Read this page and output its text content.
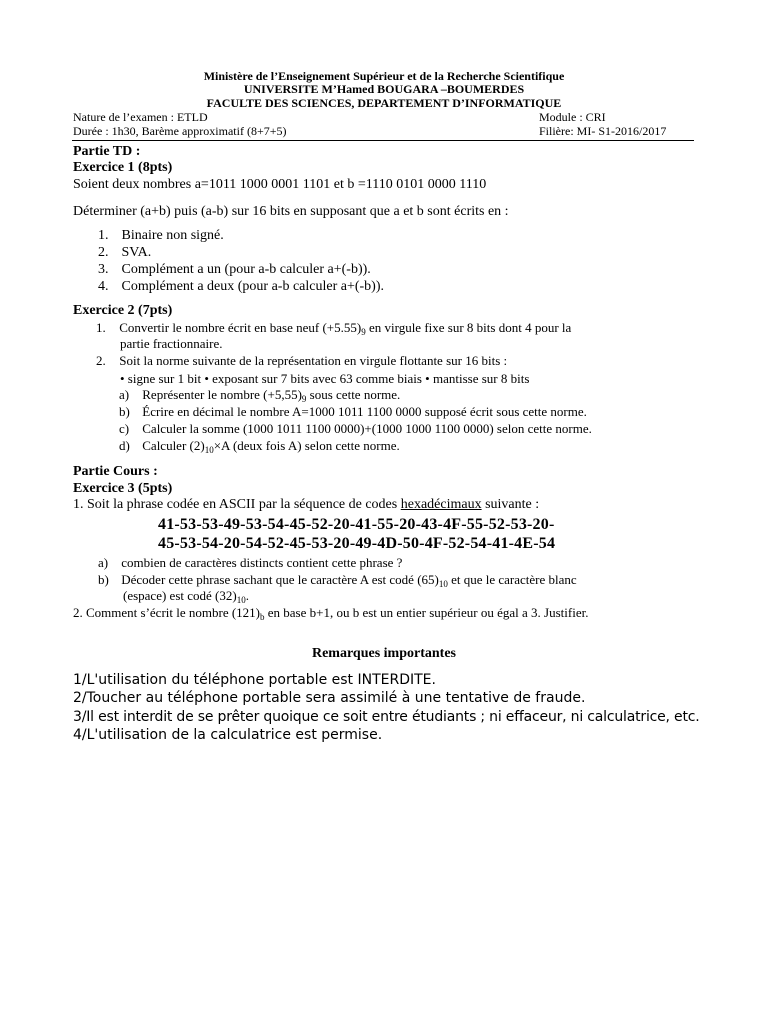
Ministère de l’Enseignement Supérieur et de la Recherche Scientifique
UNIVERSITE M’Hamed BOUGARA –BOUMERDES
FACULTE DES SCIENCES, DEPARTEMENT D’INFORMATIQUE
Nature de l’examen : ETLD	Module : CRI
Durée : 1h30, Barème approximatif (8+7+5)	Filière: MI- S1-2016/2017
Partie TD :
Exercice 1 (8pts)
Soient deux nombres a=1011 1000 0001 1101 et b =1110 0101 0000 1110
Déterminer (a+b) puis (a-b) sur 16 bits en supposant que a et b sont écrits en :
1. Binaire non signé.
2. SVA.
3. Complément a un (pour a-b calculer a+(-b)).
4. Complément a deux (pour a-b calculer a+(-b)).
Exercice 2 (7pts)
1. Convertir le nombre écrit en base neuf $(+5.55)_9$ en virgule fixe sur 8 bits dont 4 pour la
partie fractionnaire.
2. Soit la norme suivante de la représentation en virgule flottante sur 16 bits :
• signe sur 1 bit • exposant sur 7 bits avec 63 comme biais • mantisse sur 8 bits
a) Représenter le nombre $(+5,55)_9$ sous cette norme.
b) Écrire en décimal le nombre A=1000 1011 1100 0000 supposé écrit sous cette norme.
c) Calculer la somme (1000 1011 1100 0000)+(1000 1000 1100 0000) selon cette norme.
d) Calculer $(2)_{10}\times A$ (deux fois A) selon cette norme.
Partie Cours :
Exercice 3 (5pts)
1. Soit la phrase codée en ASCII par la séquence de codes hexadécimaux suivante :
41-53-53-49-53-54-45-52-20-41-55-20-43-4F-55-52-53-20-
45-53-54-20-54-52-45-53-20-49-4D-50-4F-52-54-41-4E-54
a) combien de caractères distincts contient cette phrase ?
b) Décoder cette phrase sachant que le caractère A est codé $(65)_{10}$ et que le caractère blanc
(espace) est codé $(32)_{10}$.
2. Comment s’écrit le nombre $(121)_b$ en base b+1, ou b est un entier supérieur ou égal a 3. Justifier.
Remarques importantes
1/L'utilisation du téléphone portable est INTERDITE.
2/Toucher au téléphone portable sera assimilé à une tentative de fraude.
3/Il est interdit de se prêter quoique ce soit entre étudiants ; ni effaceur, ni calculatrice, etc.
4/L'utilisation de la calculatrice est permise.
